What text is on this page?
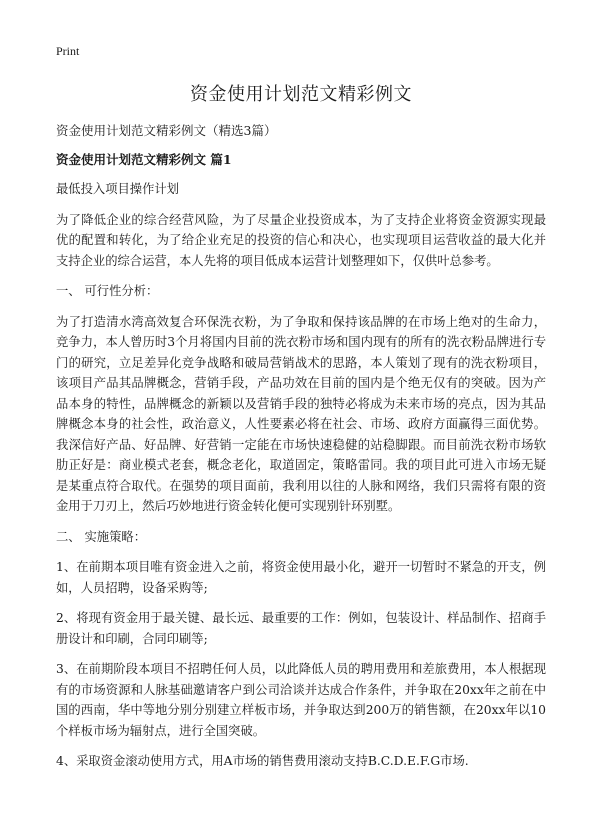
Print
资金使用计划范文精彩例文
资金使用计划范文精彩例文（精选3篇）
资金使用计划范文精彩例文 篇1

最低投入项目操作计划

为了降低企业的综合经营风险，为了尽量企业投资成本，为了支持企业将资金资源实现最优的配置和转化，为了给企业充足的投资的信心和决心，也实现项目运营收益的最大化并支持企业的综合运营，本人先将的项目低成本运营计划整理如下，仅供叶总参考。

一、 可行性分析：

为了打造清水湾高效复合环保洗衣粉，为了争取和保持该品牌的在市场上绝对的生命力，竞争力，本人曾历时3个月将国内目前的洗衣粉市场和国内现有的所有的洗衣粉品牌进行专门的研究，立足差异化竞争战略和破局营销战术的思路，本人策划了现有的洗衣粉项目，该项目产品其品牌概念，营销手段，产品功效在目前的国内是个绝无仅有的突破。因为产品本身的特性，品牌概念的新颖以及营销手段的独特必将成为未来市场的亮点，因为其品牌概念本身的社会性，政治意义，人性要素必将在社会、市场、政府方面赢得三面优势。我深信好产品、好品牌、好营销一定能在市场快速稳健的站稳脚跟。而目前洗衣粉市场软肋正好是：商业模式老套，概念老化，取道固定，策略雷同。我的项目此可进入市场无疑是某重点符合取代。在强势的项目面前，我利用以往的人脉和网络，我们只需将有限的资金用于刀刃上，然后巧妙地进行资金转化便可实现别针环别墅。

二、 实施策略：

1、在前期本项目唯有资金进入之前，将资金使用最小化，避开一切暂时不紧急的开支，例如，人员招聘，设备采购等;

2、将现有资金用于最关键、最长远、最重要的工作：例如，包装设计、样品制作、招商手册设计和印刷，合同印刷等;

3、在前期阶段本项目不招聘任何人员，以此降低人员的聘用费用和差旅费用，本人根据现有的市场资源和人脉基础邀请客户到公司洽谈并达成合作条件，并争取在20xx年之前在中国的西南，华中等地分别分别建立样板市场，并争取达到200万的销售额，在20xx年以10个样板市场为辐射点，进行全国突破。

4、采取资金滚动使用方式，用A市场的销售费用滚动支持B.C.D.E.F.G市场.
